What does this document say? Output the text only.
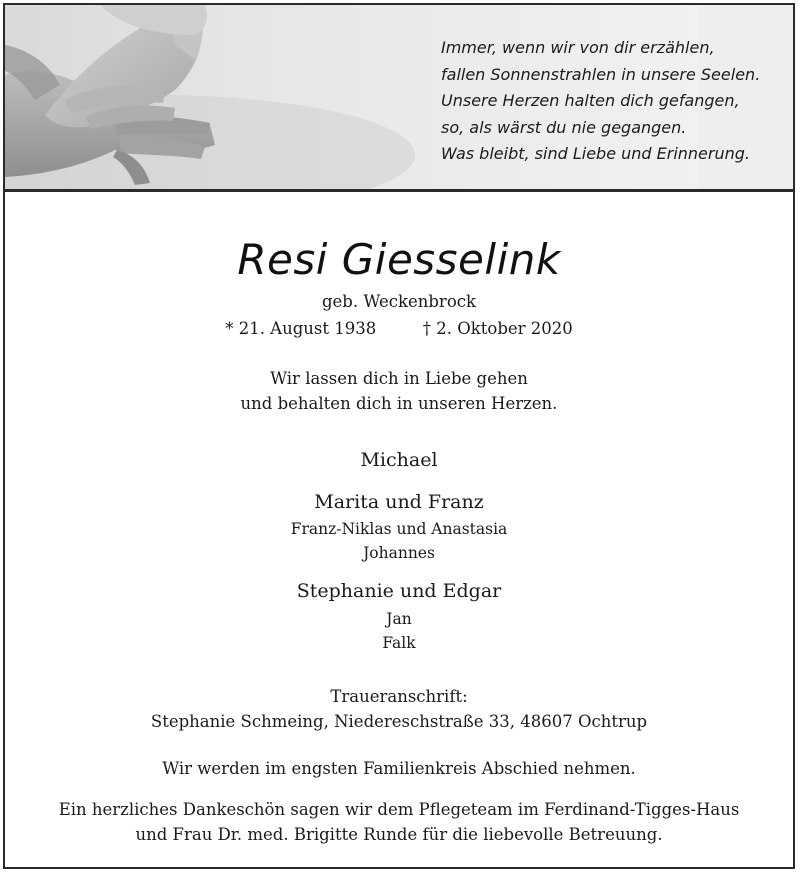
Immer, wenn wir von dir erzählen,
fallen Sonnenstrahlen in unsere Seelen.
Unsere Herzen halten dich gefangen,
so, als wärst du nie gegangen.
Was bleibt, sind Liebe und Erinnerung.
Resi Giesselink
geb. Weckenbrock
* 21. August 1938	† 2. Oktober 2020
Wir lassen dich in Liebe gehen
und behalten dich in unseren Herzen.
Michael
Marita und Franz
Franz-Niklas und Anastasia
Johannes
Stephanie und Edgar
Jan
Falk
Traueranschrift:
Stephanie Schmeing, Niedereschstraße 33, 48607 Ochtrup
Wir werden im engsten Familienkreis Abschied nehmen.
Ein herzliches Dankeschön sagen wir dem Pflegeteam im Ferdinand-Tigges-Haus
und Frau Dr. med. Brigitte Runde für die liebevolle Betreuung.
